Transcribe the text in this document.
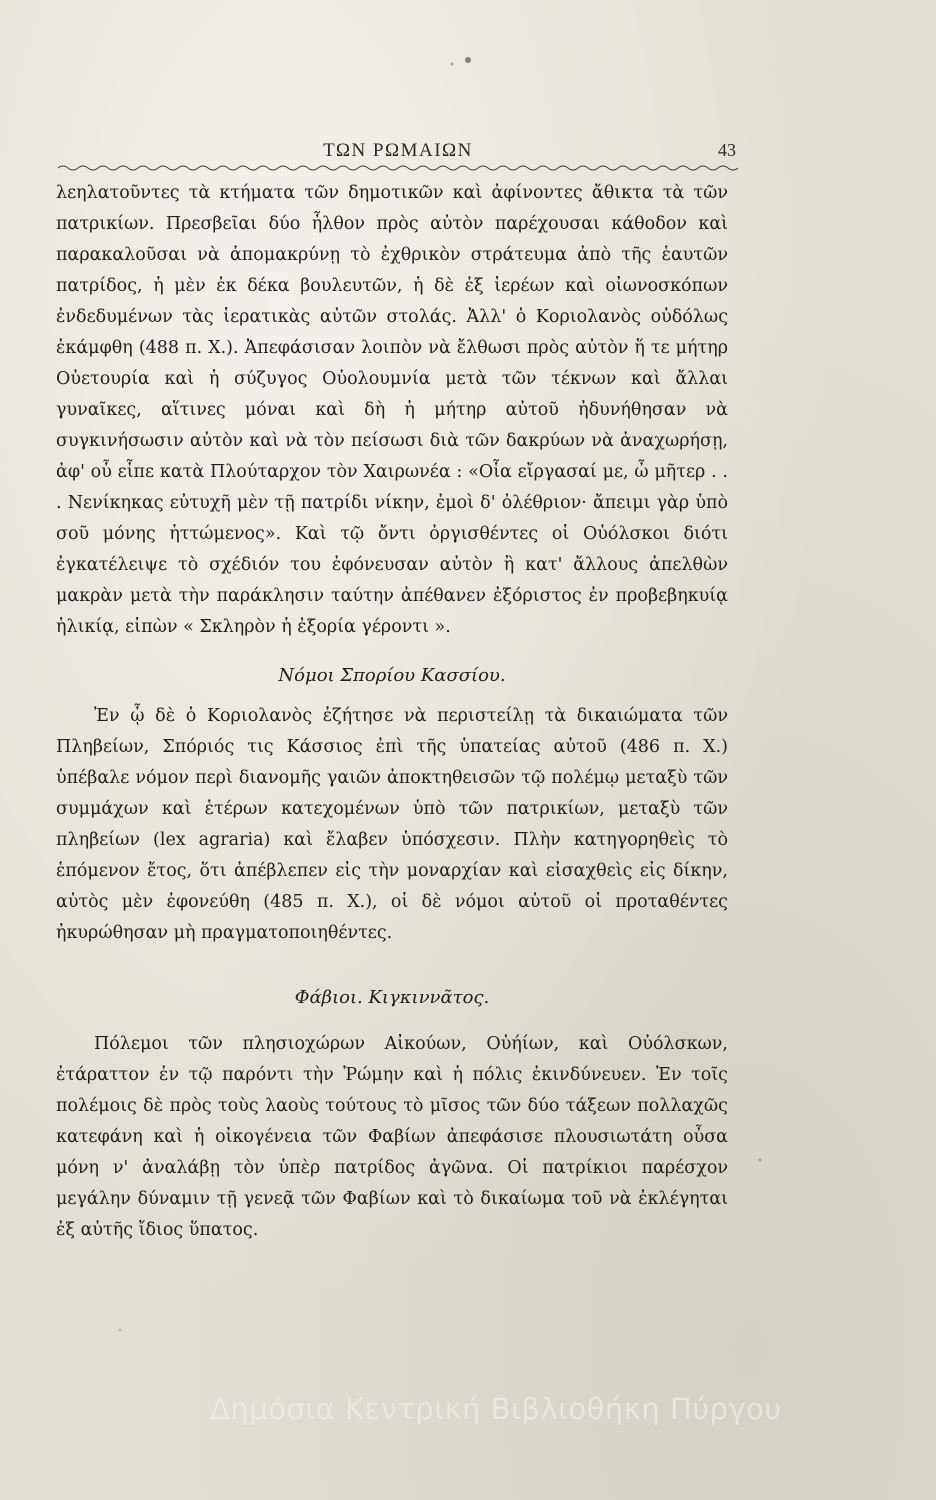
ΤΩΝ ΡΩΜΑΙΩΝ	43

λεηλατοῦντες τὰ κτήματα τῶν δημοτικῶν καὶ ἀφίνοντες ἄθικτα τὰ τῶν πατρικίων. Πρεσβεῖαι δύο ἦλθον πρὸς αὐτὸν παρέχουσαι κάθοδον καὶ παρακαλοῦσαι νὰ ἀπομακρύνῃ τὸ ἐχθρικὸν στράτευμα ἀπὸ τῆς ἑαυτῶν πατρίδος, ἡ μὲν ἐκ δέκα βουλευτῶν, ἡ δὲ ἐξ ἱερέων καὶ οἰωνοσκόπων ἐνδεδυμένων τὰς ἱερατικὰς αὐτῶν στολάς. Ἀλλ' ὁ Κοριολανὸς οὐδόλως ἐκάμφθη (488 π. Χ.). Ἀπεφάσισαν λοιπὸν νὰ ἔλθωσι πρὸς αὐτὸν ἥ τε μήτηρ Οὐετουρία καὶ ἡ σύζυγος Οὐολουμνία μετὰ τῶν τέκνων καὶ ἄλλαι γυναῖκες, αἵτινες μόναι καὶ δὴ ἡ μήτηρ αὐτοῦ ἠδυνήθησαν νὰ συγκινήσωσιν αὐτὸν καὶ νὰ τὸν πείσωσι διὰ τῶν δακρύων νὰ ἀναχωρήσῃ, ἀφ' οὗ εἶπε κατὰ Πλούταρχον τὸν Χαιρωνέα : «Οἷα εἴργασαί με, ὦ μῆτερ . . . Νενίκηκας εὐτυχῆ μὲν τῇ πατρίδι νίκην, ἐμοὶ δ' ὀλέθριον· ἄπειμι γὰρ ὑπὸ σοῦ μόνης ἡττώμενος». Καὶ τῷ ὄντι ὀργισθέντες οἱ Οὐόλσκοι διότι ἐγκατέλειψε τὸ σχέδιόν του ἐφόνευσαν αὐτὸν ἢ κατ' ἄλλους ἀπελθὼν μακρὰν μετὰ τὴν παράκλησιν ταύτην ἀπέθανεν ἐξόριστος ἐν προβεβηκυίᾳ ἡλικίᾳ, εἰπὼν « Σκληρὸν ἡ ἐξορία γέροντι ».

Νόμοι Σπορίου Κασσίου.

Ἐν ᾧ δὲ ὁ Κοριολανὸς ἐζήτησε νὰ περιστείλῃ τὰ δικαιώματα τῶν Πληβείων, Σπόριός τις Κάσσιος ἐπὶ τῆς ὑπατείας αὐτοῦ (486 π. Χ.) ὑπέβαλε νόμον περὶ διανομῆς γαιῶν ἀποκτηθεισῶν τῷ πολέμῳ μεταξὺ τῶν συμμάχων καὶ ἑτέρων κατεχομένων ὑπὸ τῶν πατρικίων, μεταξὺ τῶν πληβείων (lex agraria) καὶ ἔλαβεν ὑπόσχεσιν. Πλὴν κατηγορηθεὶς τὸ ἑπόμενον ἔτος, ὅτι ἀπέβλεπεν εἰς τὴν μοναρχίαν καὶ εἰσαχθεὶς εἰς δίκην, αὐτὸς μὲν ἐφονεύθη (485 π. Χ.), οἱ δὲ νόμοι αὐτοῦ οἱ προταθέντες ἠκυρώθησαν μὴ πραγματοποιηθέντες.

Φάβιοι. Κιγκιννᾶτος.

Πόλεμοι τῶν πλησιοχώρων Αἰκούων, Οὐήίων, καὶ Οὐόλσκων, ἐτάραττον ἐν τῷ παρόντι τὴν Ῥώμην καὶ ἡ πόλις ἐκινδύνευεν. Ἐν τοῖς πολέμοις δὲ πρὸς τοὺς λαοὺς τούτους τὸ μῖσος τῶν δύο τάξεων πολλαχῶς κατεφάνη καὶ ἡ οἰκογένεια τῶν Φαβίων ἀπεφάσισε πλουσιωτάτη οὖσα μόνη ν' ἀναλάβῃ τὸν ὑπὲρ πατρίδος ἀγῶνα. Οἱ πατρίκιοι παρέσχον μεγάλην δύναμιν τῇ γενεᾷ τῶν Φαβίων καὶ τὸ δικαίωμα τοῦ νὰ ἐκλέγηται ἐξ αὐτῆς ἴδιος ὕπατος.

Δημόσια Κεντρική Βιβλιοθήκη Πύργου
